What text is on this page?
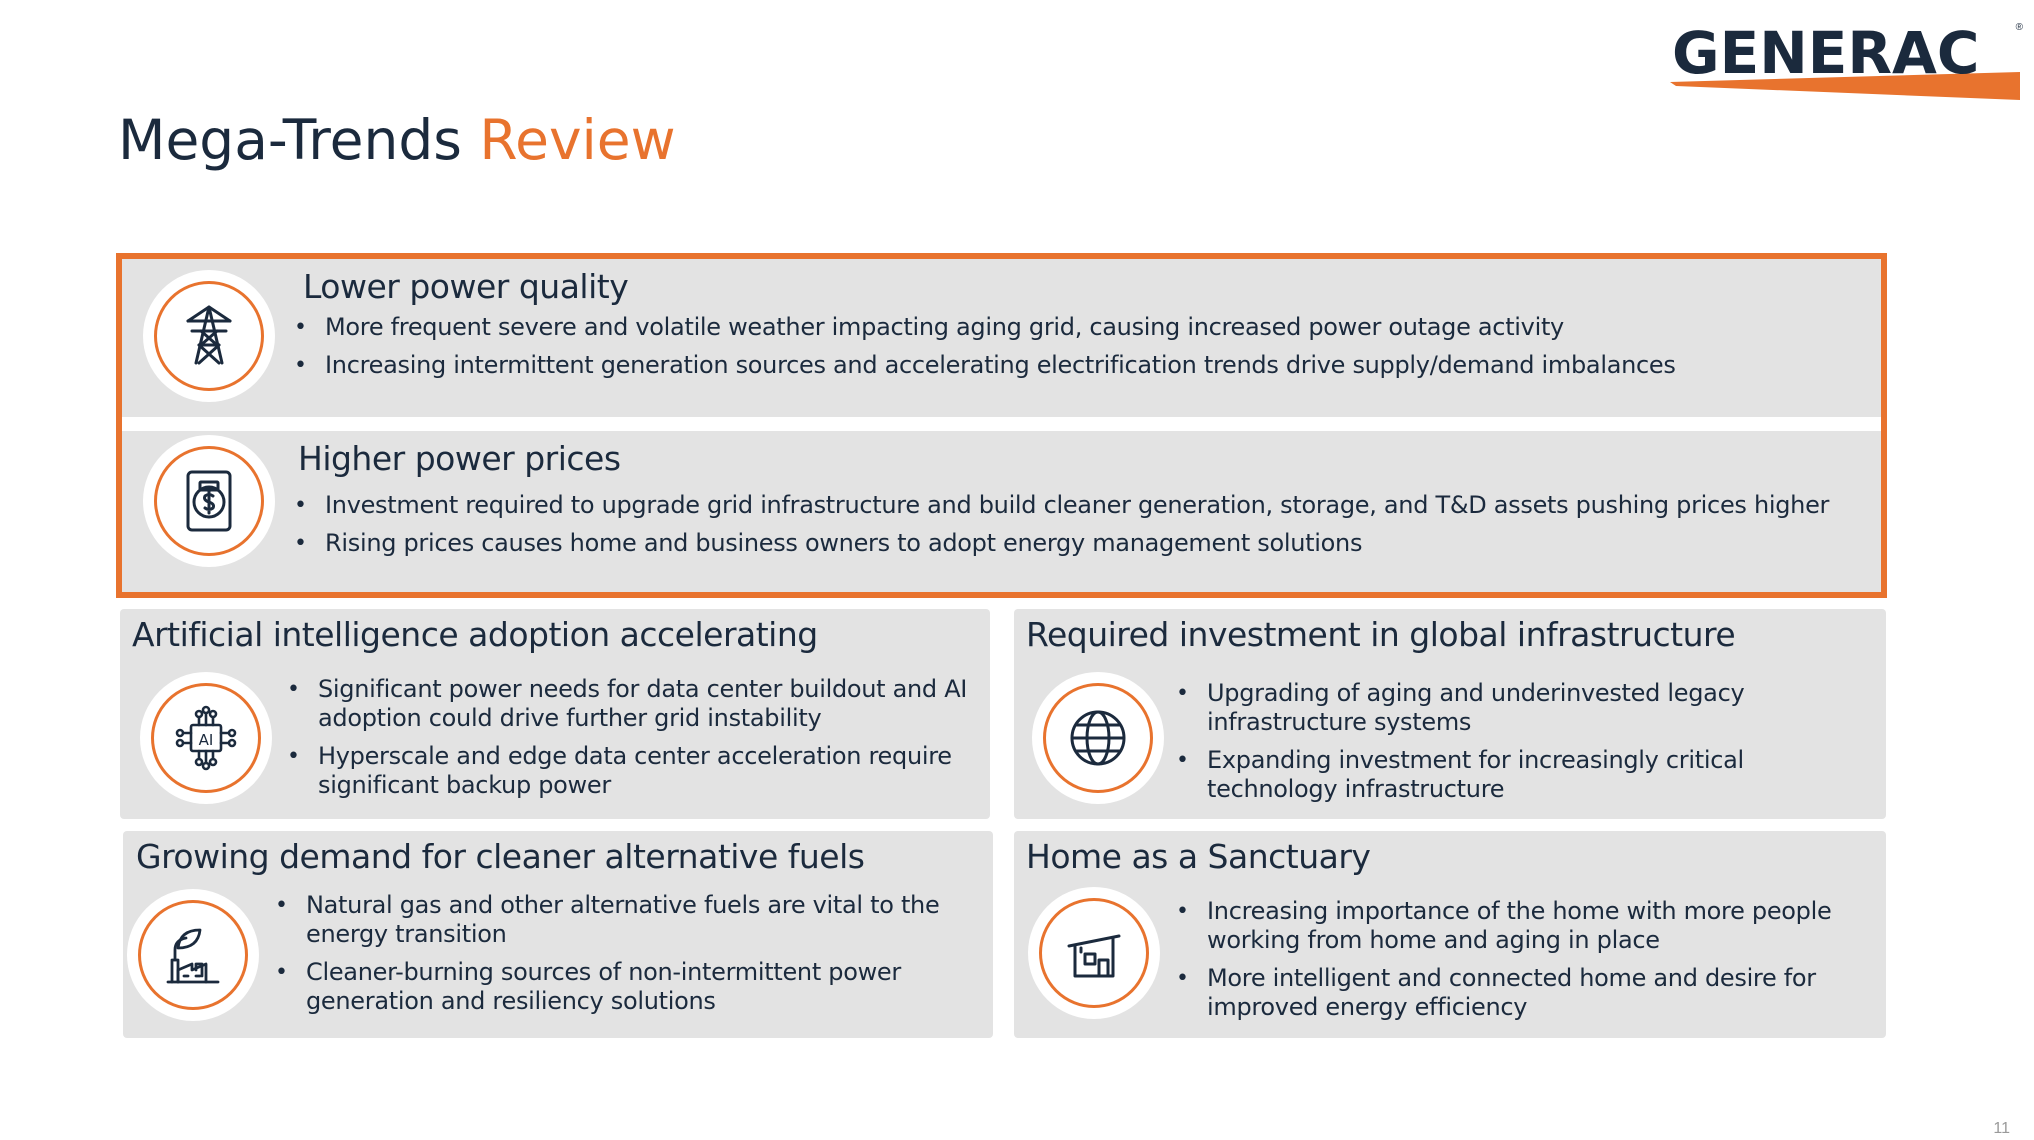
GENERAC	®
Mega-Trends Review
Lower power quality
• More frequent severe and volatile weather impacting aging grid, causing increased power outage activity
• Increasing intermittent generation sources and accelerating electrification trends drive supply/demand imbalances
Higher power prices
• Investment required to upgrade grid infrastructure and build cleaner generation, storage, and T&D assets pushing prices higher
• Rising prices causes home and business owners to adopt energy management solutions
Artificial intelligence adoption accelerating
AI
• Significant power needs for data center buildout and AI adoption could drive further grid instability
• Hyperscale and edge data center acceleration require significant backup power
Required investment in global infrastructure
• Upgrading of aging and underinvested legacy infrastructure systems
• Expanding investment for increasingly critical technology infrastructure
Growing demand for cleaner alternative fuels
• Natural gas and other alternative fuels are vital to the energy transition
• Cleaner-burning sources of non-intermittent power generation and resiliency solutions
Home as a Sanctuary
• Increasing importance of the home with more people working from home and aging in place
• More intelligent and connected home and desire for improved energy efficiency
11
